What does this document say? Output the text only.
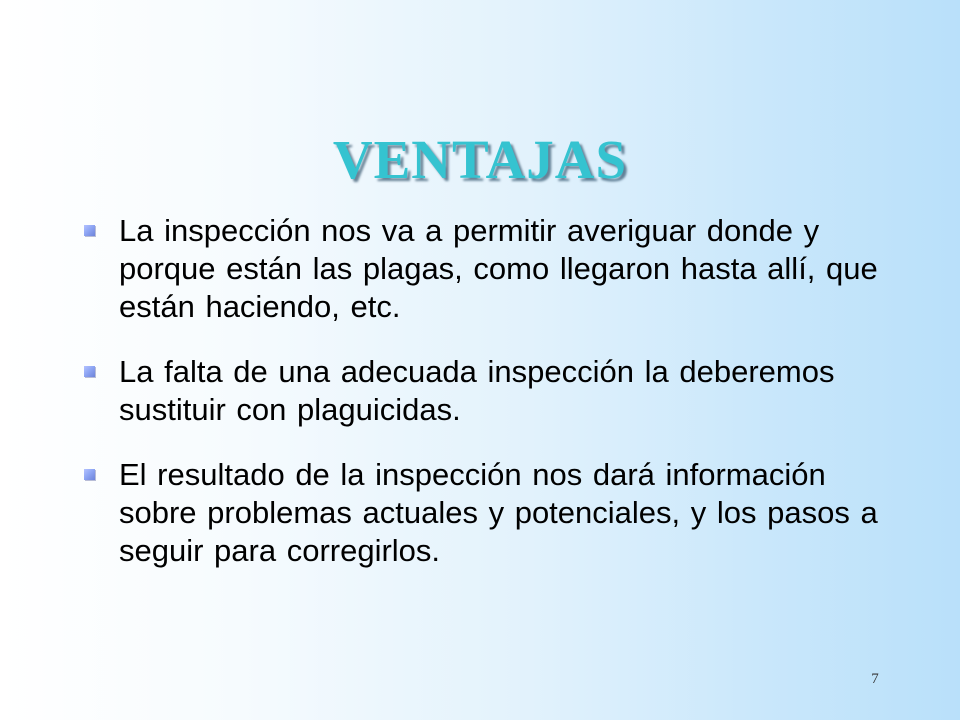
VENTAJAS
La inspección nos va a permitir averiguar donde y porque están las plagas, como llegaron hasta allí, que están haciendo, etc.
La falta de una adecuada inspección la deberemos sustituir con plaguicidas.
El resultado de la inspección nos dará información sobre problemas actuales y potenciales, y los pasos a seguir para corregirlos.
7
